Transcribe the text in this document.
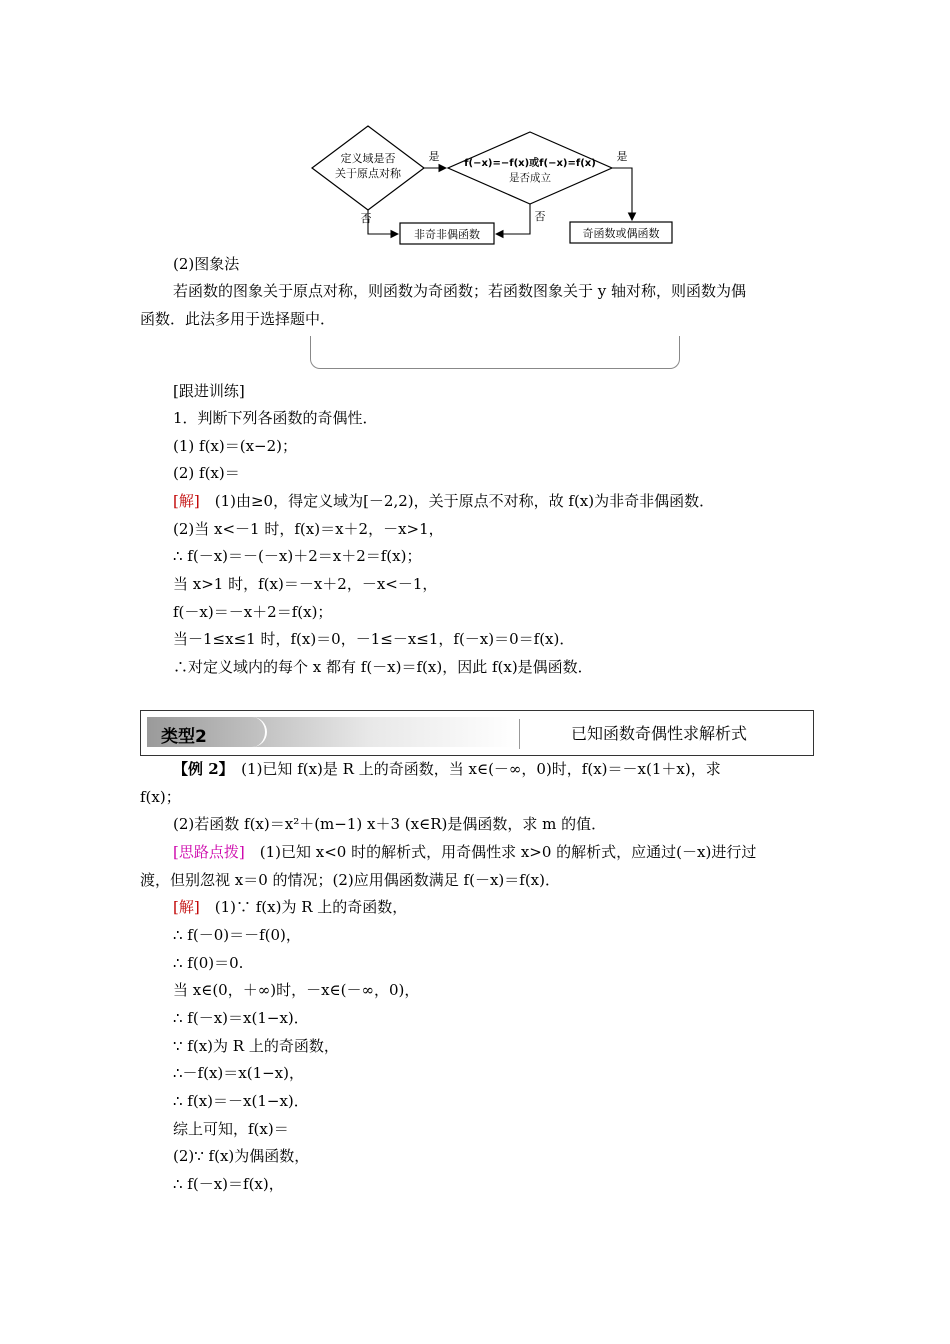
定义域是否
关于原点对称
是
f(−x)=−f(x)或f(−x)=f(x)
是否成立
是
否	否
非奇非偶函数	奇函数或偶函数
(2)图象法
若函数的图象关于原点对称，则函数为奇函数；若函数图象关于 y 轴对称，则函数为偶
函数．此法多用于选择题中．
[跟进训练]
1．判断下列各函数的奇偶性．
(1) f(x)＝(x−2)；
(2) f(x)＝
[解]　(1)由≥0，得定义域为[－2,2)，关于原点不对称，故 f(x)为非奇非偶函数．
(2)当 x<－1 时，f(x)＝x＋2，－x>1，
∴ f(－x)＝－(－x)＋2＝x＋2＝f(x)；
当 x>1 时，f(x)＝－x＋2，－x<－1，
f(－x)＝－x＋2＝f(x)；
当－1≤x≤1 时，f(x)＝0，－1≤－x≤1，f(－x)＝0＝f(x)．
∴对定义域内的每个 x 都有 f(－x)＝f(x)，因此 f(x)是偶函数．
类型2	已知函数奇偶性求解析式
【例 2】　(1)已知 f(x)是 R 上的奇函数，当 x∈(－∞，0)时，f(x)＝－x(1＋x)，求
f(x)；
(2)若函数 f(x)＝x²＋(m−1) x＋3 (x∈R)是偶函数，求 m 的值．
[思路点拨]　(1)已知 x<0 时的解析式，用奇偶性求 x>0 的解析式，应通过(－x)进行过
渡，但别忽视 x＝0 的情况；(2)应用偶函数满足 f(－x)＝f(x)．
[解]　(1)∵ f(x)为 R 上的奇函数，
∴ f(－0)＝－f(0)，
∴ f(0)＝0.
当 x∈(0，＋∞)时，－x∈(－∞，0)，
∴ f(－x)＝x(1−x)．
∵ f(x)为 R 上的奇函数，
∴－f(x)＝x(1−x)，
∴ f(x)＝－x(1−x)．
综上可知，f(x)＝
(2)∵ f(x)为偶函数，
∴ f(－x)＝f(x)，
